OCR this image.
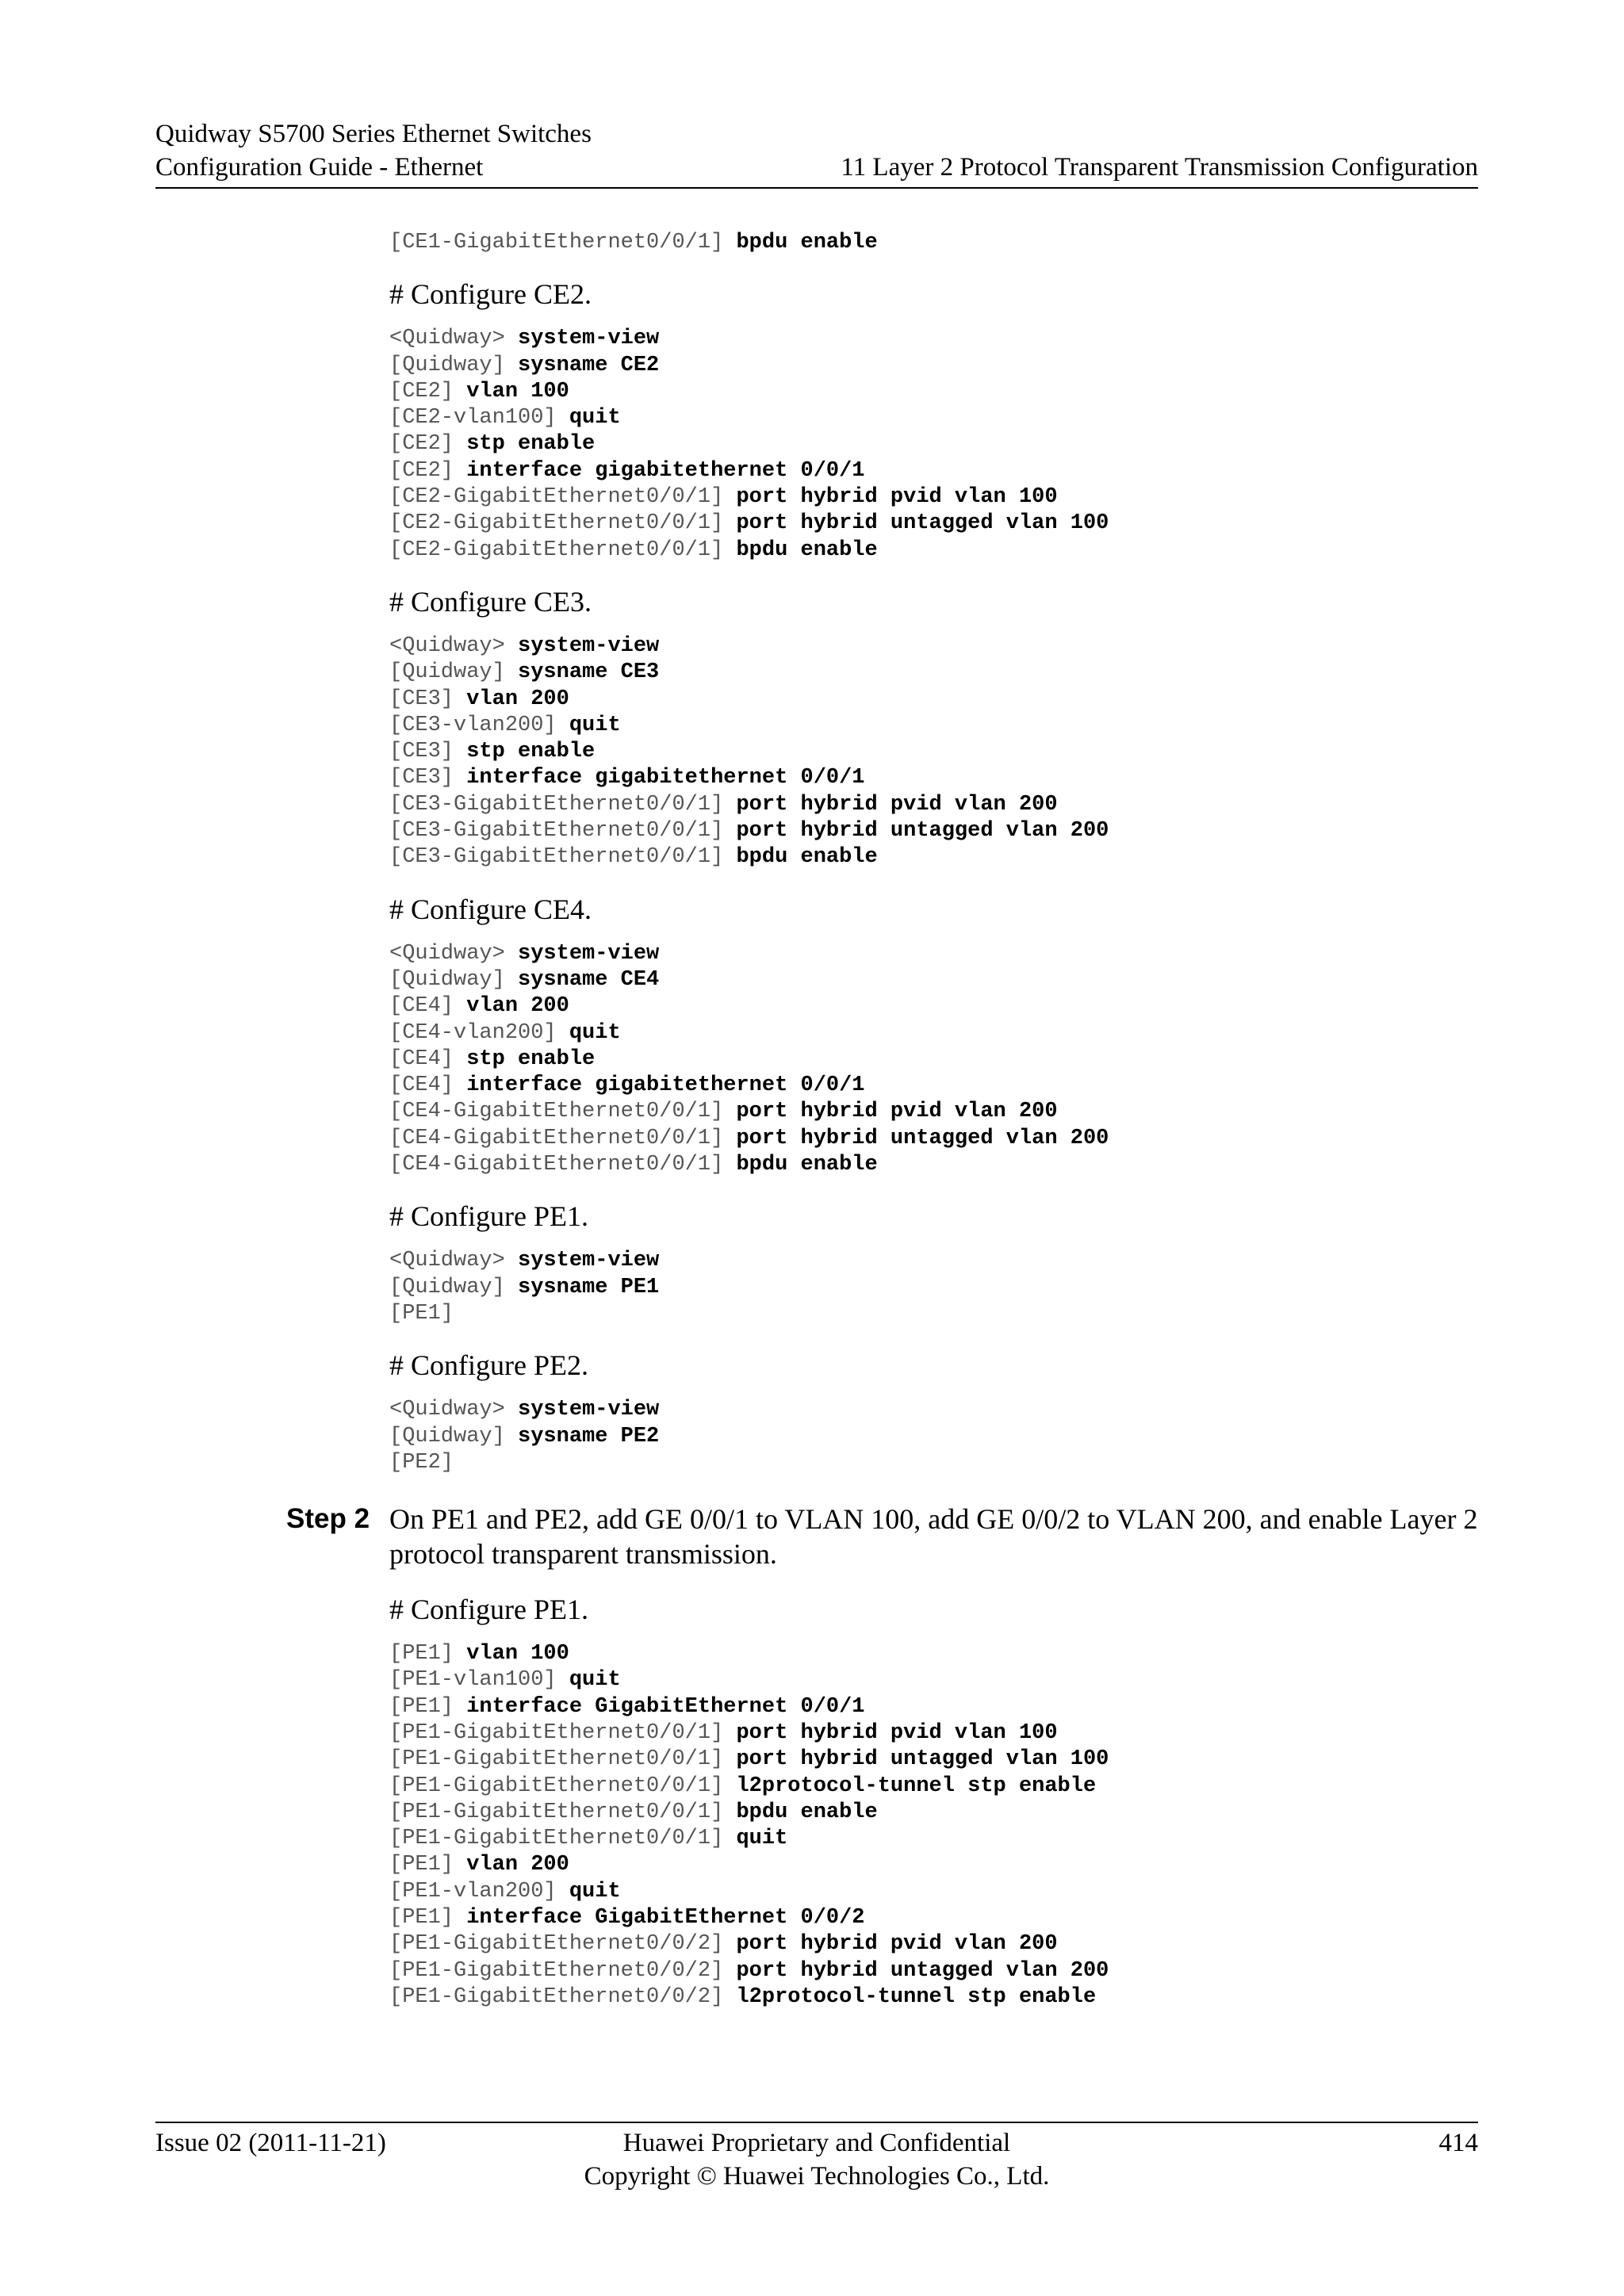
Quidway S5700 Series Ethernet Switches
Configuration Guide - Ethernet	11 Layer 2 Protocol Transparent Transmission Configuration
[CE1-GigabitEthernet0/0/1] bpdu enable
# Configure CE2.
<Quidway> system-view
[Quidway] sysname CE2
[CE2] vlan 100
[CE2-vlan100] quit
[CE2] stp enable
[CE2] interface gigabitethernet 0/0/1
[CE2-GigabitEthernet0/0/1] port hybrid pvid vlan 100
[CE2-GigabitEthernet0/0/1] port hybrid untagged vlan 100
[CE2-GigabitEthernet0/0/1] bpdu enable
# Configure CE3.
<Quidway> system-view
[Quidway] sysname CE3
[CE3] vlan 200
[CE3-vlan200] quit
[CE3] stp enable
[CE3] interface gigabitethernet 0/0/1
[CE3-GigabitEthernet0/0/1] port hybrid pvid vlan 200
[CE3-GigabitEthernet0/0/1] port hybrid untagged vlan 200
[CE3-GigabitEthernet0/0/1] bpdu enable
# Configure CE4.
<Quidway> system-view
[Quidway] sysname CE4
[CE4] vlan 200
[CE4-vlan200] quit
[CE4] stp enable
[CE4] interface gigabitethernet 0/0/1
[CE4-GigabitEthernet0/0/1] port hybrid pvid vlan 200
[CE4-GigabitEthernet0/0/1] port hybrid untagged vlan 200
[CE4-GigabitEthernet0/0/1] bpdu enable
# Configure PE1.
<Quidway> system-view
[Quidway] sysname PE1
[PE1]
# Configure PE2.
<Quidway> system-view
[Quidway] sysname PE2
[PE2]
Step 2 On PE1 and PE2, add GE 0/0/1 to VLAN 100, add GE 0/0/2 to VLAN 200, and enable Layer 2 protocol transparent transmission.
# Configure PE1.
[PE1] vlan 100
[PE1-vlan100] quit
[PE1] interface GigabitEthernet 0/0/1
[PE1-GigabitEthernet0/0/1] port hybrid pvid vlan 100
[PE1-GigabitEthernet0/0/1] port hybrid untagged vlan 100
[PE1-GigabitEthernet0/0/1] l2protocol-tunnel stp enable
[PE1-GigabitEthernet0/0/1] bpdu enable
[PE1-GigabitEthernet0/0/1] quit
[PE1] vlan 200
[PE1-vlan200] quit
[PE1] interface GigabitEthernet 0/0/2
[PE1-GigabitEthernet0/0/2] port hybrid pvid vlan 200
[PE1-GigabitEthernet0/0/2] port hybrid untagged vlan 200
[PE1-GigabitEthernet0/0/2] l2protocol-tunnel stp enable
Issue 02 (2011-11-21)	Huawei Proprietary and Confidential	414
Copyright © Huawei Technologies Co., Ltd.
